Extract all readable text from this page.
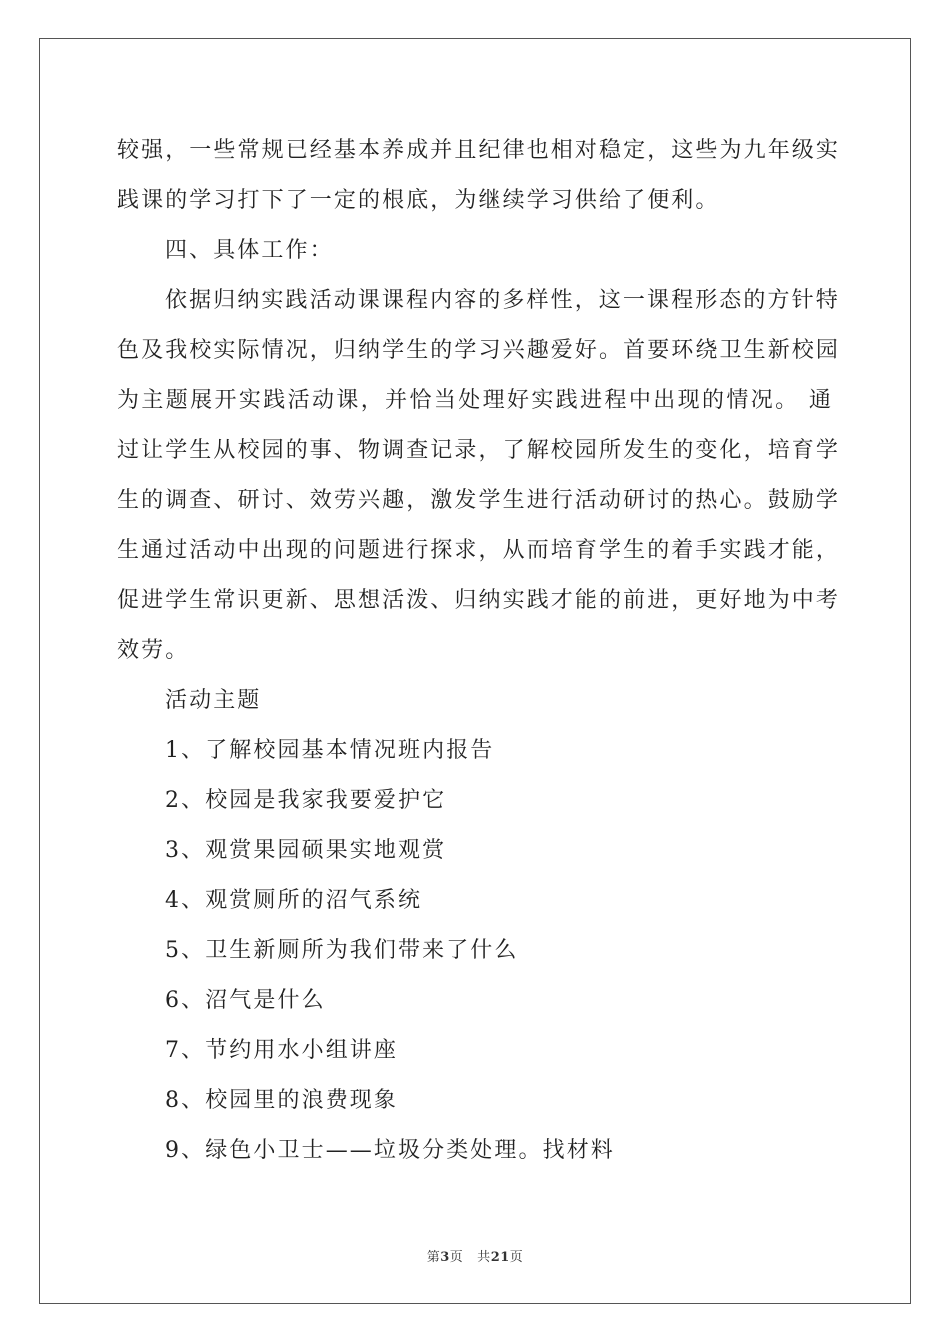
较强，一些常规已经基本养成并且纪律也相对稳定，这些为九年级实
践课的学习打下了一定的根底，为继续学习供给了便利。
四、具体工作：
依据归纳实践活动课课程内容的多样性，这一课程形态的方针特
色及我校实际情况，归纳学生的学习兴趣爱好。首要环绕卫生新校园
为主题展开实践活动课，并恰当处理好实践进程中出现的情况。 通
过让学生从校园的事、物调查记录，了解校园所发生的变化，培育学
生的调查、研讨、效劳兴趣，激发学生进行活动研讨的热心。鼓励学
生通过活动中出现的问题进行探求，从而培育学生的着手实践才能，
促进学生常识更新、思想活泼、归纳实践才能的前进，更好地为中考
效劳。
活动主题
1、了解校园基本情况班内报告
2、校园是我家我要爱护它
3、观赏果园硕果实地观赏
4、观赏厕所的沼气系统
5、卫生新厕所为我们带来了什么
6、沼气是什么
7、节约用水小组讲座
8、校园里的浪费现象
9、绿色小卫士——垃圾分类处理。找材料
第3页 共21页
